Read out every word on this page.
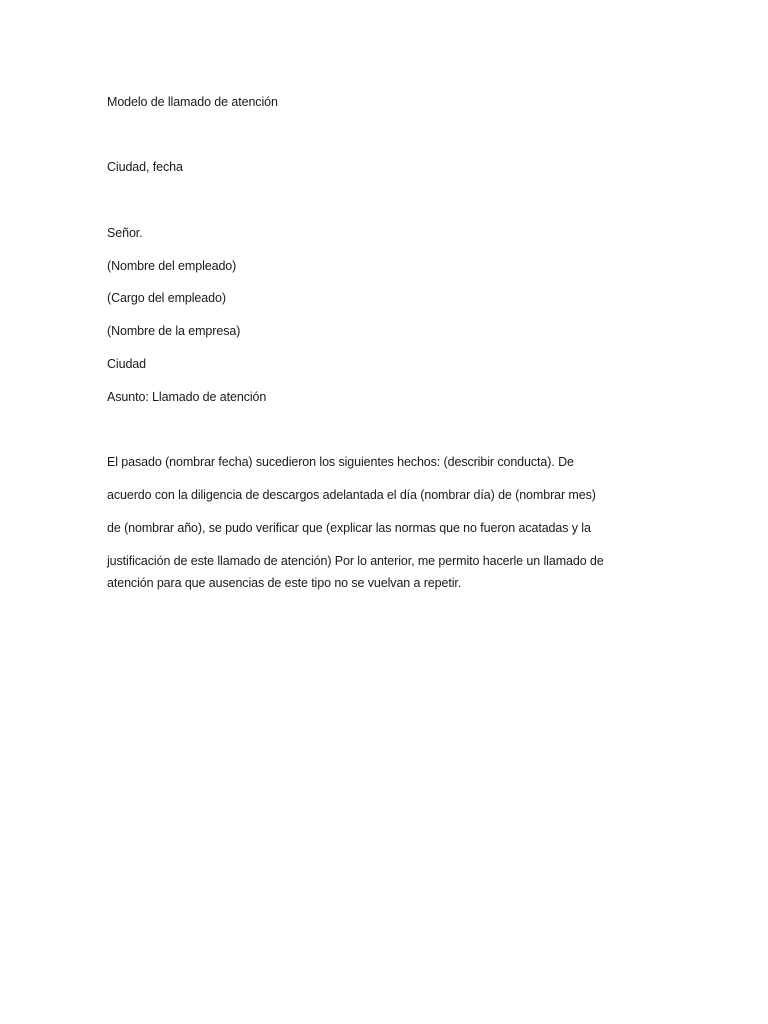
Modelo de llamado de atención
Ciudad, fecha
Señor.
(Nombre del empleado)
(Cargo del empleado)
(Nombre de la empresa)
Ciudad
Asunto: Llamado de atención
El pasado (nombrar fecha) sucedieron los siguientes hechos: (describir conducta). De
acuerdo con la diligencia de descargos adelantada el día (nombrar día) de (nombrar mes)
de (nombrar año), se pudo verificar que (explicar las normas que no fueron acatadas y la
justificación de este llamado de atención) Por lo anterior, me permito hacerle un llamado de
atención para que ausencias de este tipo no se vuelvan a repetir.
